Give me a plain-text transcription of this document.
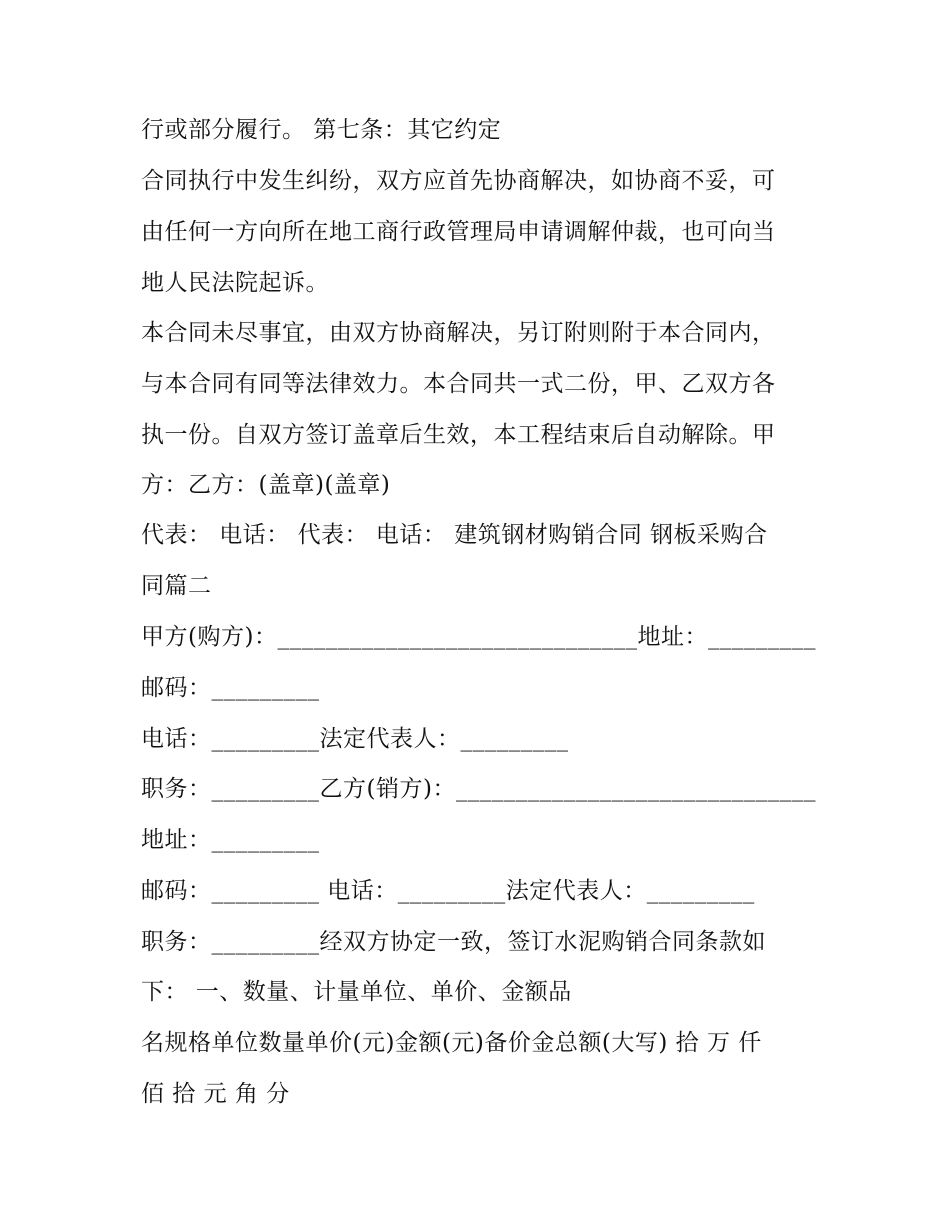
行或部分履行。 第七条：其它约定
合同执行中发生纠纷，双方应首先协商解决，如协商不妥，可
由任何一方向所在地工商行政管理局申请调解仲裁，也可向当
地人民法院起诉。
本合同未尽事宜，由双方协商解决，另订附则附于本合同内，
与本合同有同等法律效力。本合同共一式二份，甲、乙双方各
执一份。自双方签订盖章后生效，本工程结束后自动解除。甲
方：乙方：(盖章)(盖章)
代表： 电话： 代表： 电话： 建筑钢材购销合同 钢板采购合
同篇二
甲方(购方)：______________________________地址：_________
邮码：_________
电话：_________法定代表人：_________
职务：_________乙方(销方)：______________________________
地址：_________
邮码：_________ 电话：_________法定代表人：_________
职务：_________经双方协定一致，签订水泥购销合同条款如
下： 一、数量、计量单位、单价、金额品
名规格单位数量单价(元)金额(元)备价金总额(大写) 拾 万 仟
佰 拾 元 角 分
